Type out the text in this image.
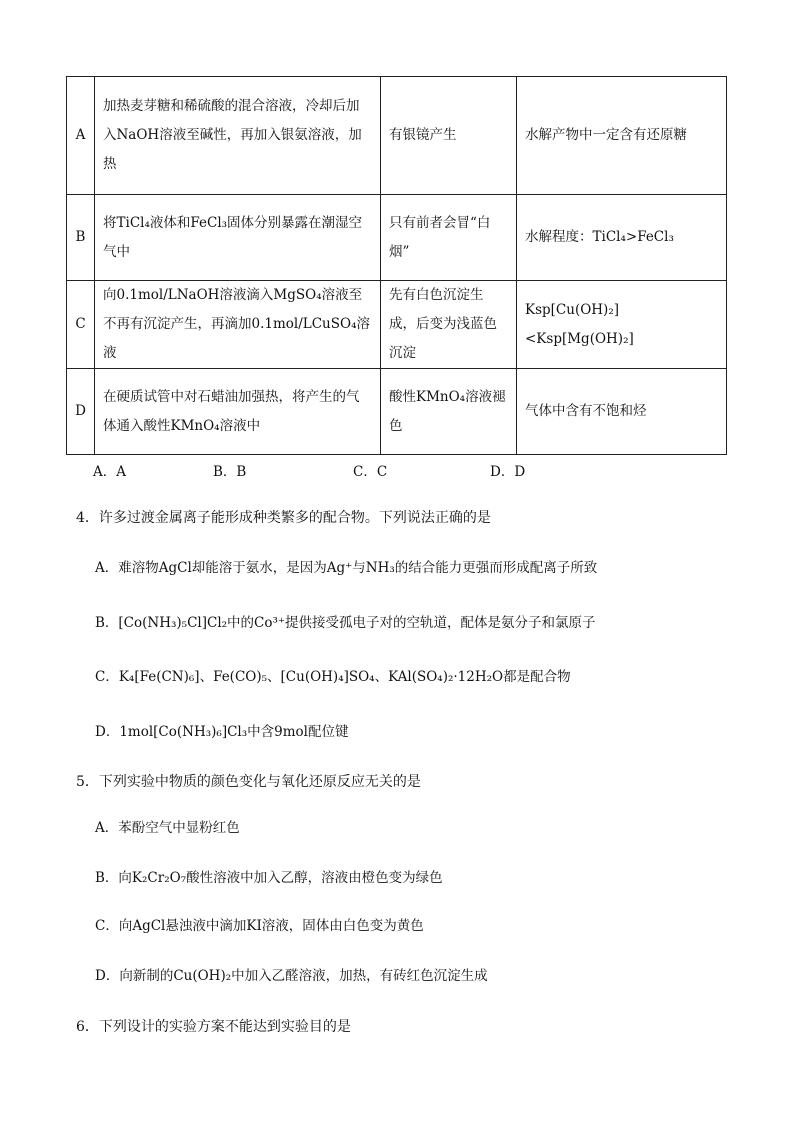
A	加热麦芽糖和稀硫酸的混合溶液，冷却后加入NaOH溶液至碱性，再加入银氨溶液，加热	有银镜产生	水解产物中一定含有还原糖
B	将TiCl₄液体和FeCl₃固体分别暴露在潮湿空气中	只有前者会冒“白烟”	水解程度：TiCl₄>FeCl₃
C	向0.1mol/LNaOH溶液滴入MgSO₄溶液至不再有沉淀产生，再滴加0.1mol/LCuSO₄溶液	先有白色沉淀生成，后变为浅蓝色沉淀	Ksp[Cu(OH)₂]<Ksp[Mg(OH)₂]
D	在硬质试管中对石蜡油加强热，将产生的气体通入酸性KMnO₄溶液中	酸性KMnO₄溶液褪色	气体中含有不饱和烃
A．A	B．B	C．C	D．D
4．许多过渡金属离子能形成种类繁多的配合物。下列说法正确的是
A．难溶物AgCl却能溶于氨水，是因为Ag⁺与NH₃的结合能力更强而形成配离子所致
B．[Co(NH₃)₅Cl]Cl₂中的Co³⁺提供接受孤电子对的空轨道，配体是氨分子和氯原子
C．K₄[Fe(CN)₆]、Fe(CO)₅、[Cu(OH)₄]SO₄、KAl(SO₄)₂·12H₂O都是配合物
D．1mol[Co(NH₃)₆]Cl₃中含9mol配位键
5．下列实验中物质的颜色变化与氧化还原反应无关的是
A．苯酚空气中显粉红色
B．向K₂Cr₂O₇酸性溶液中加入乙醇，溶液由橙色变为绿色
C．向AgCl悬浊液中滴加KI溶液，固体由白色变为黄色
D．向新制的Cu(OH)₂中加入乙醛溶液，加热，有砖红色沉淀生成
6．下列设计的实验方案不能达到实验目的是
